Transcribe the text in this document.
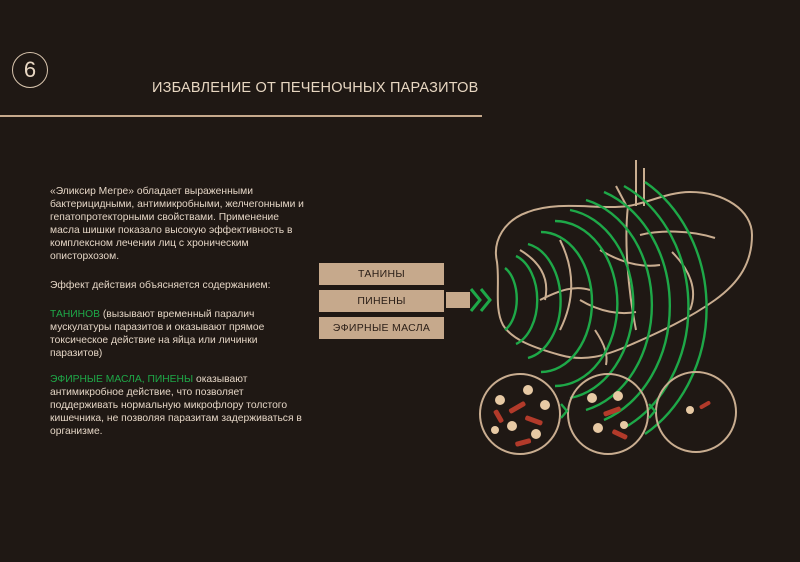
6
ИЗБАВЛЕНИЕ ОТ ПЕЧЕНОЧНЫХ ПАРАЗИТОВ

«Эликсир Мегре» обладает выраженными бактерицидными, антимикробными, желчегонными и гепатопротекторными свойствами. Применение масла шишки показало высокую эффективность в комплексном лечении лиц с хроническим описторхозом.

Эффект действия объясняется содержанием:

ТАНИНОВ (вызывают временный паралич мускулатуры паразитов и оказывают прямое токсическое действие на яйца или личинки паразитов)

ЭФИРНЫЕ МАСЛА, ПИНЕНЫ оказывают антимикробное действие, что позволяет поддерживать нормальную микрофлору толстого кишечника, не позволяя паразитам задерживаться в организме.

ТАНИНЫ
ПИНЕНЫ
ЭФИРНЫЕ МАСЛА
